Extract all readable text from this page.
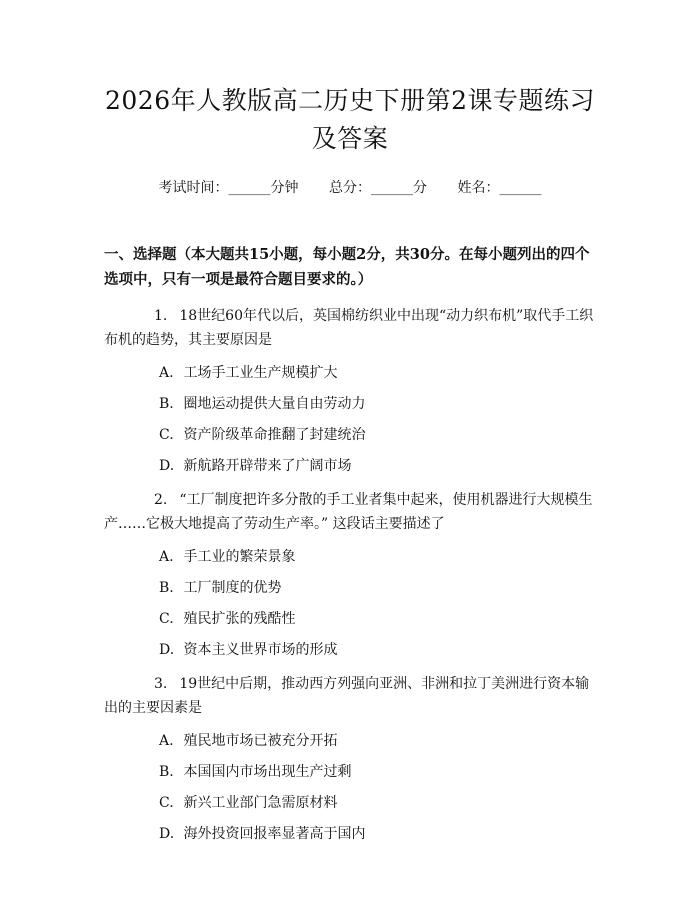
2026年人教版高二历史下册第2课专题练习
及答案
考试时间：______分钟 总分：______分 姓名：______
一、选择题（本大题共15小题，每小题2分，共30分。在每小题列出的四个选项中，只有一项是最符合题目要求的。）
1. 18世纪60年代以后，英国棉纺织业中出现“动力织布机”取代手工织布机的趋势，其主要原因是
A. 工场手工业生产规模扩大
B. 圈地运动提供大量自由劳动力
C. 资产阶级革命推翻了封建统治
D. 新航路开辟带来了广阔市场
2. “工厂制度把许多分散的手工业者集中起来，使用机器进行大规模生产……它极大地提高了劳动生产率。” 这段话主要描述了
A. 手工业的繁荣景象
B. 工厂制度的优势
C. 殖民扩张的残酷性
D. 资本主义世界市场的形成
3. 19世纪中后期，推动西方列强向亚洲、非洲和拉丁美洲进行资本输出的主要因素是
A. 殖民地市场已被充分开拓
B. 本国国内市场出现生产过剩
C. 新兴工业部门急需原材料
D. 海外投资回报率显著高于国内
